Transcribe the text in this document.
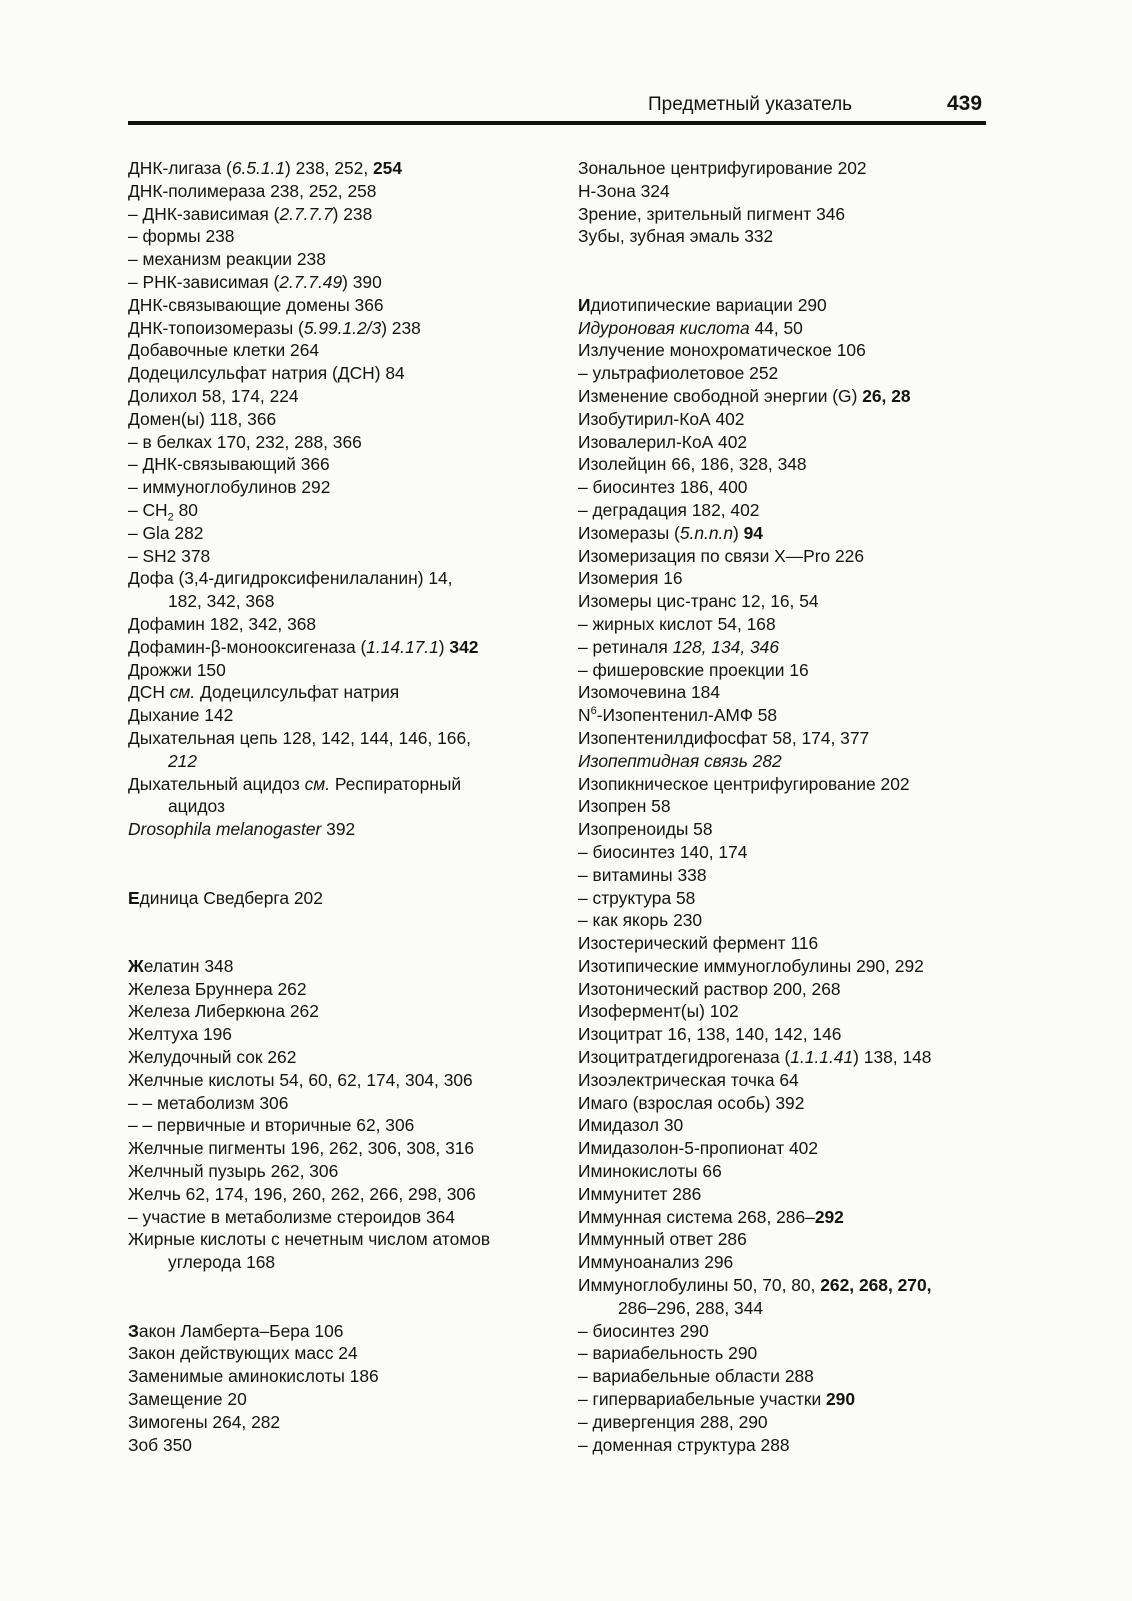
Предметный указатель	439
ДНК-лигаза (6.5.1.1) 238, 252, 254
ДНК-полимераза 238, 252, 258
– ДНК-зависимая (2.7.7.7) 238
– формы 238
– механизм реакции 238
– РНК-зависимая (2.7.7.49) 390
ДНК-связывающие домены 366
ДНК-топоизомеразы (5.99.1.2/3) 238
Добавочные клетки 264
Додецилсульфат натрия (ДСН) 84
Долихол 58, 174, 224
Домен(ы) 118, 366
– в белках 170, 232, 288, 366
– ДНК-связывающий 366
– иммуноглобулинов 292
– $CH_2$ 80
– Gla 282
– SH2 378
Дофа (3,4-дигидроксифенилаланин) 14,
182, 342, 368
Дофамин 182, 342, 368
Дофамин-β-монооксигеназа (1.14.17.1) 342
Дрожжи 150
ДСН см. Додецилсульфат натрия
Дыхание 142
Дыхательная цепь 128, 142, 144, 146, 166,
212
Дыхательный ацидоз см. Респираторный
ацидоз
Drosophila melanogaster 392
Единица Сведберга 202
Желатин 348
Железа Бруннера 262
Железа Либеркюна 262
Желтуха 196
Желудочный сок 262
Желчные кислоты 54, 60, 62, 174, 304, 306
– – метаболизм 306
– – первичные и вторичные 62, 306
Желчные пигменты 196, 262, 306, 308, 316
Желчный пузырь 262, 306
Желчь 62, 174, 196, 260, 262, 266, 298, 306
– участие в метаболизме стероидов 364
Жирные кислоты с нечетным числом атомов
углерода 168
Закон Ламберта–Бера 106
Закон действующих масс 24
Заменимые аминокислоты 186
Замещение 20
Зимогены 264, 282
Зоб 350
Зональное центрифугирование 202
H-Зона 324
Зрение, зрительный пигмент 346
Зубы, зубная эмаль 332
Идиотипические вариации 290
Идуроновая кислота 44, 50
Излучение монохроматическое 106
– ультрафиолетовое 252
Изменение свободной энергии (G) 26, 28
Изобутирил-КоА 402
Изовалерил-КоА 402
Изолейцин 66, 186, 328, 348
– биосинтез 186, 400
– деградация 182, 402
Изомеразы (5.n.n.n) 94
Изомеризация по связи X—Pro 226
Изомерия 16
Изомеры цис-транс 12, 16, 54
– жирных кислот 54, 168
– ретиналя 128, 134, 346
– фишеровские проекции 16
Изомочевина 184
$N^6-Изопентенил$-АМФ 58
Изопентенилдифосфат 58, 174, 377
Изопептидная связь 282
Изопикническое центрифугирование 202
Изопрен 58
Изопреноиды 58
– биосинтез 140, 174
– витамины 338
– структура 58
– как якорь 230
Изостерический фермент 116
Изотипические иммуноглобулины 290, 292
Изотонический раствор 200, 268
Изофермент(ы) 102
Изоцитрат 16, 138, 140, 142, 146
Изоцитратдегидрогеназа (1.1.1.41) 138, 148
Изоэлектрическая точка 64
Имаго (взрослая особь) 392
Имидазол 30
Имидазолон-5-пропионат 402
Иминокислоты 66
Иммунитет 286
Иммунная система 268, 286–292
Иммунный ответ 286
Иммуноанализ 296
Иммуноглобулины 50, 70, 80, 262, 268, 270,
286–296, 288, 344
– биосинтез 290
– вариабельность 290
– вариабельные области 288
– гипервариабельные участки 290
– дивергенция 288, 290
– доменная структура 288
